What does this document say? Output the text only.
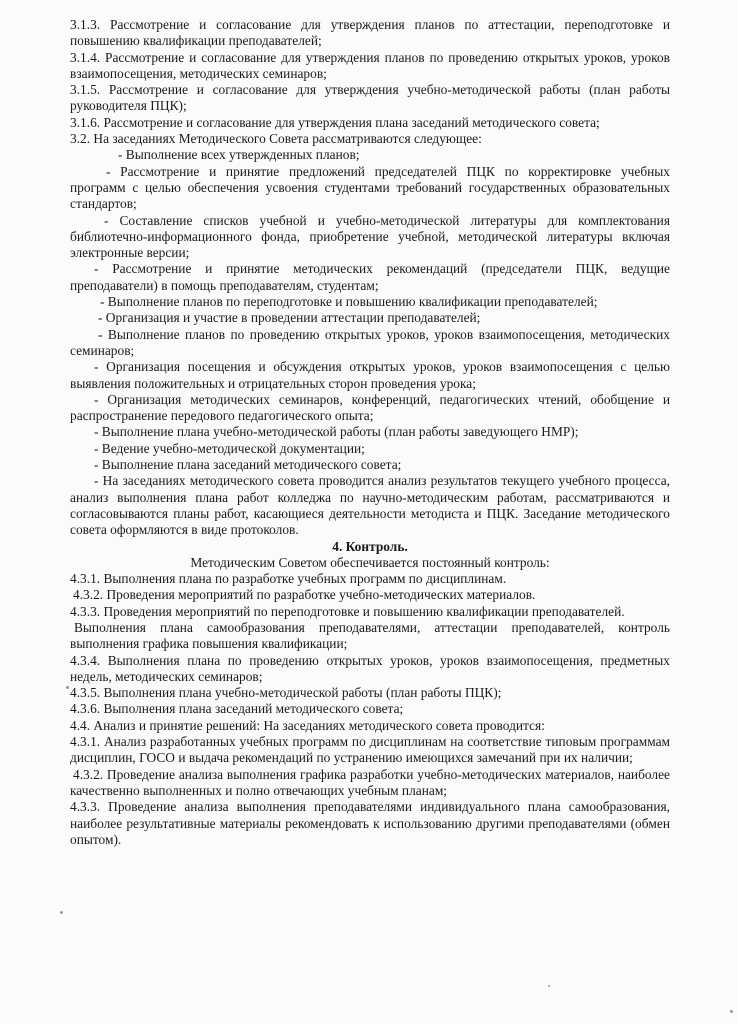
3.1.3. Рассмотрение и согласование для утверждения планов по аттестации, переподготовке и повышению квалификации преподавателей;

3.1.4. Рассмотрение и согласование для утверждения планов по проведению открытых уроков, уроков взаимопосещения, методических семинаров;

3.1.5. Рассмотрение и согласование для утверждения учебно-методической работы (план работы руководителя ПЦК);

3.1.6. Рассмотрение и согласование для утверждения плана заседаний методического совета;

3.2. На заседаниях Методического Совета рассматриваются следующее:

- Выполнение всех утвержденных планов;

- Рассмотрение и принятие предложений председателей ПЦК по корректировке учебных программ с целью обеспечения усвоения студентами требований государственных образовательных стандартов;

- Составление списков учебной и учебно-методической литературы для комплектования библиотечно-информационного фонда, приобретение учебной, методической литературы включая электронные версии;

- Рассмотрение и принятие методических рекомендаций (председатели ПЦК, ведущие преподаватели) в помощь преподавателям, студентам;

- Выполнение планов по переподготовке и повышению квалификации преподавателей;

- Организация и участие в проведении аттестации преподавателей;

- Выполнение планов по проведению открытых уроков, уроков взаимопосещения, методических семинаров;

- Организация посещения и обсуждения открытых уроков, уроков взаимопосещения с целью выявления положительных и отрицательных сторон проведения урока;

- Организация методических семинаров, конференций, педагогических чтений, обобщение и распространение передового педагогического опыта;

- Выполнение плана учебно-методической работы (план работы заведующего НМР);

- Ведение учебно-методической документации;

- Выполнение плана заседаний методического совета;

- На заседаниях методического совета проводится анализ результатов текущего учебного процесса, анализ выполнения плана работ колледжа по научно-методическим работам, рассматриваются и согласовываются планы работ, касающиеся деятельности методиста и ПЦК. Заседание методического совета оформляются в виде протоколов.

4. Контроль.

Методическим Советом обеспечивается постоянный контроль:

4.3.1. Выполнения плана по разработке учебных программ по дисциплинам.

4.3.2. Проведения мероприятий по разработке учебно-методических материалов.

4.3.3. Проведения мероприятий по переподготовке и повышению квалификации преподавателей.

Выполнения плана самообразования преподавателями, аттестации преподавателей, контроль выполнения графика повышения квалификации;

4.3.4. Выполнения плана по проведению открытых уроков, уроков взаимопосещения, предметных недель, методических семинаров;

4.3.5. Выполнения плана учебно-методической работы (план работы ПЦК);

4.3.6. Выполнения плана заседаний методического совета;

4.4. Анализ и принятие решений: На заседаниях методического совета проводится:

4.3.1. Анализ разработанных учебных программ по дисциплинам на соответствие типовым программам дисциплин, ГОСО и выдача рекомендаций по устранению имеющихся замечаний при их наличии;

4.3.2. Проведение анализа выполнения графика разработки учебно-методических материалов, наиболее качественно выполненных и полно отвечающих учебным планам;

4.3.3. Проведение анализа выполнения преподавателями индивидуального плана самообразования, наиболее результативные материалы рекомендовать к использованию другими преподавателями (обмен опытом).
